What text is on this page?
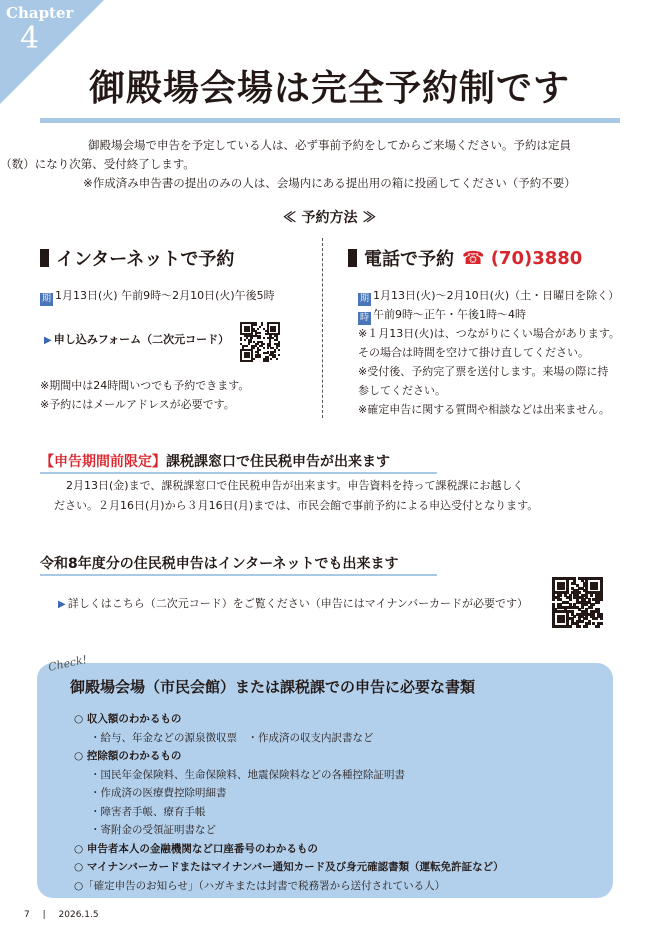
Chapter
4
御殿場会場は完全予約制です
御殿場会場で申告を予定している人は、必ず事前予約をしてからご来場ください。予約は定員
（数）になり次第、受付終了します。
※作成済み申告書の提出のみの人は、会場内にある提出用の箱に投函してください（予約不要）
≪ 予約方法 ≫
インターネットで予約
期 1月13日(火) 午前9時～2月10日(火)午後5時
▶ 申し込みフォーム（二次元コード）
※期間中は24時間いつでも予約できます。
※予約にはメールアドレスが必要です。
電話で予約 ☎ (70)3880
期 1月13日(火)～2月10日(火)（土・日曜日を除く）
時 午前9時～正午・午後1時～4時
※１月13日(火)は、つながりにくい場合があります。
その場合は時間を空けて掛け直してください。
※受付後、予約完了票を送付します。来場の際に持
参してください。
※確定申告に関する質問や相談などは出来ません。
【申告期間前限定】課税課窓口で住民税申告が出来ます
2月13日(金)まで、課税課窓口で住民税申告が出来ます。申告資料を持って課税課にお越しく
ださい。２月16日(月)から３月16日(月)までは、市民会館で事前予約による申込受付となります。
令和8年度分の住民税申告はインターネットでも出来ます
▶ 詳しくはこちら（二次元コード）をご覧ください（申告にはマイナンバーカードが必要です）
Check!
御殿場会場（市民会館）または課税課での申告に必要な書類
○ 収入額のわかるもの
・給与、年金などの源泉徴収票　・作成済の収支内訳書など
○ 控除額のわかるもの
・国民年金保険料、生命保険料、地震保険料などの各種控除証明書
・作成済の医療費控除明細書
・障害者手帳、療育手帳
・寄附金の受領証明書など
○ 申告者本人の金融機関など口座番号のわかるもの
○ マイナンバーカードまたはマイナンバー通知カード及び身元確認書類（運転免許証など）
○「確定申告のお知らせ」（ハガキまたは封書で税務署から送付されている人）
7 | 2026.1.5
